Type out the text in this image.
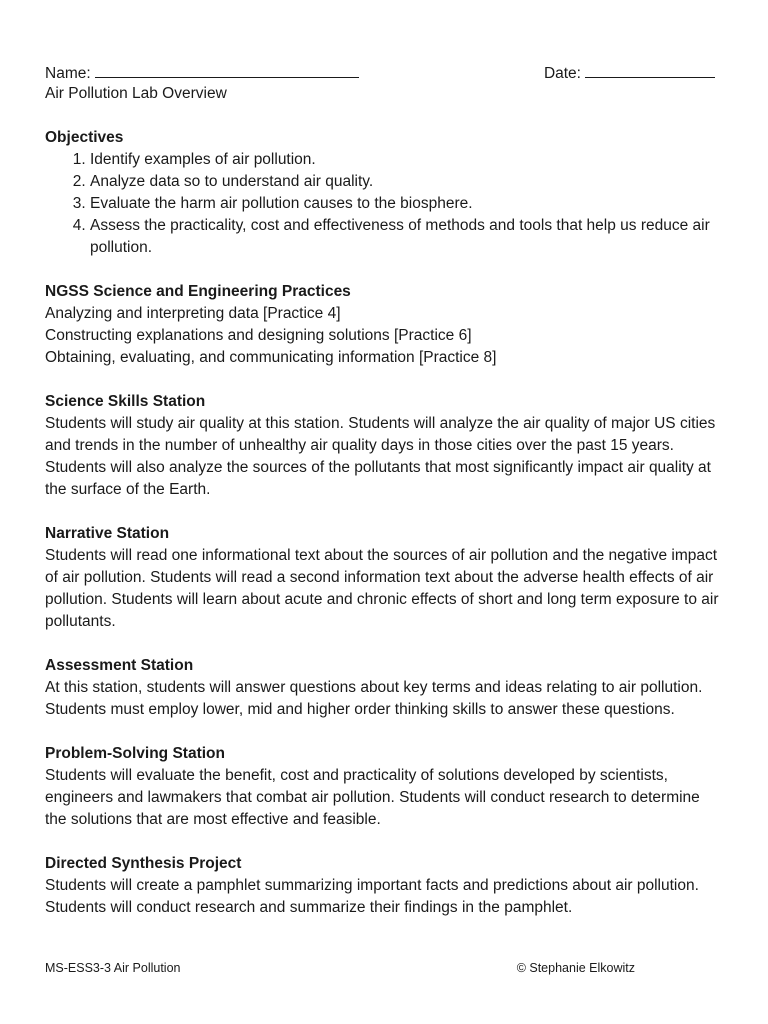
Name:	Date:
Air Pollution Lab Overview
Objectives
1. Identify examples of air pollution.
2. Analyze data so to understand air quality.
3. Evaluate the harm air pollution causes to the biosphere.
4. Assess the practicality, cost and effectiveness of methods and tools that help us reduce air pollution.
NGSS Science and Engineering Practices

Analyzing and interpreting data [Practice 4]

Constructing explanations and designing solutions [Practice 6]

Obtaining, evaluating, and communicating information [Practice 8]

Science Skills Station

Students will study air quality at this station. Students will analyze the air quality of major US cities and trends in the number of unhealthy air quality days in those cities over the past 15 years. Students will also analyze the sources of the pollutants that most significantly impact air quality at the surface of the Earth.

Narrative Station

Students will read one informational text about the sources of air pollution and the negative impact of air pollution. Students will read a second information text about the adverse health effects of air pollution. Students will learn about acute and chronic effects of short and long term exposure to air pollutants.

Assessment Station

At this station, students will answer questions about key terms and ideas relating to air pollution. Students must employ lower, mid and higher order thinking skills to answer these questions.

Problem-Solving Station

Students will evaluate the benefit, cost and practicality of solutions developed by scientists, engineers and lawmakers that combat air pollution. Students will conduct research to determine the solutions that are most effective and feasible.

Directed Synthesis Project

Students will create a pamphlet summarizing important facts and predictions about air pollution. Students will conduct research and summarize their findings in the pamphlet.

MS-ESS3-3 Air Pollution	© Stephanie Elkowitz
